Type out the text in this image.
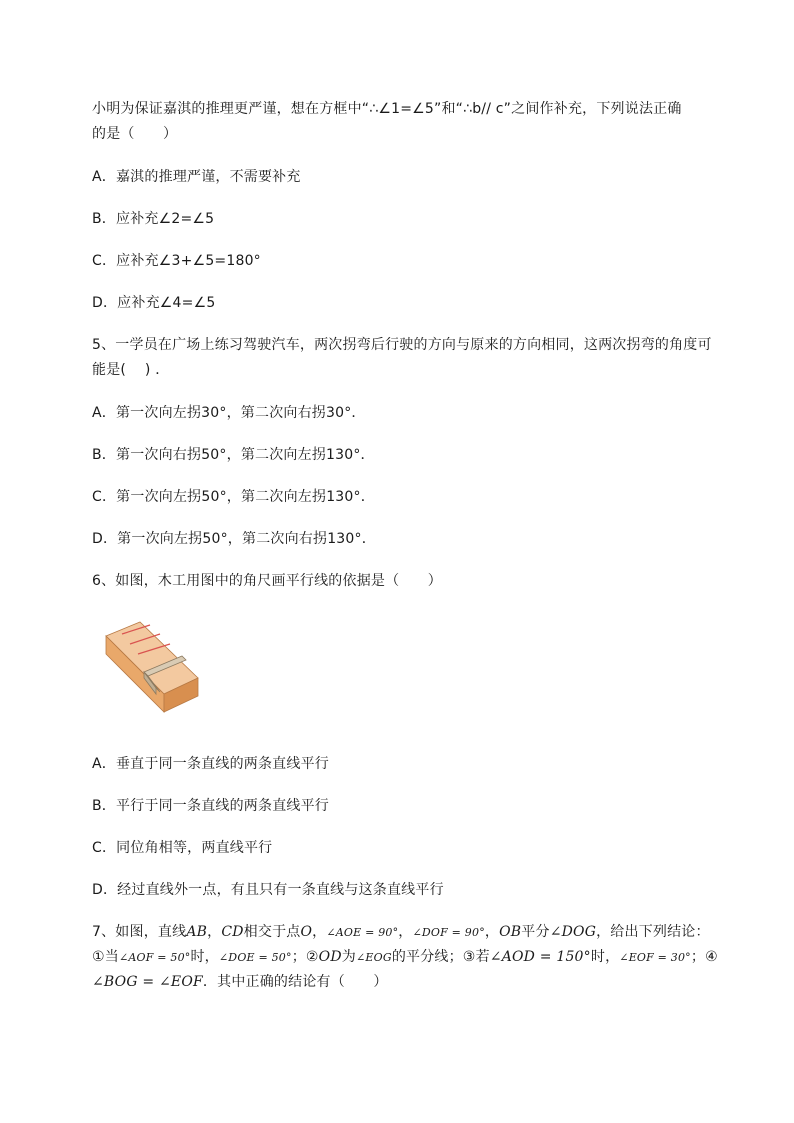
小明为保证嘉淇的推理更严谨，想在方框中“∴∠1=∠5”和“∴b// c”之间作补充，下列说法正确
的是（　　）
A．嘉淇的推理严谨，不需要补充
B．应补充∠2=∠5
C．应补充∠3+∠5=180°
D．应补充∠4=∠5
5、一学员在广场上练习驾驶汽车，两次拐弯后行驶的方向与原来的方向相同，这两次拐弯的角度可
能是(　 ) ．
A．第一次向左拐30°，第二次向右拐30°．
B．第一次向右拐50°，第二次向左拐130°．
C．第一次向左拐50°，第二次向左拐130°．
D．第一次向左拐50°，第二次向右拐130°．
6、如图，木工用图中的角尺画平行线的依据是（　　）
A．垂直于同一条直线的两条直线平行
B．平行于同一条直线的两条直线平行
C．同位角相等，两直线平行
D．经过直线外一点，有且只有一条直线与这条直线平行
7、如图，直线AB，CD相交于点O，∠AOE = 90°，∠DOF = 90°，OB平分∠DOG，给出下列结论：
①当∠AOF = 50°时，∠DOE = 50°；②OD为∠EOG的平分线；③若∠AOD = 150°时，∠EOF = 30°；④
∠BOG = ∠EOF．其中正确的结论有（　　）
